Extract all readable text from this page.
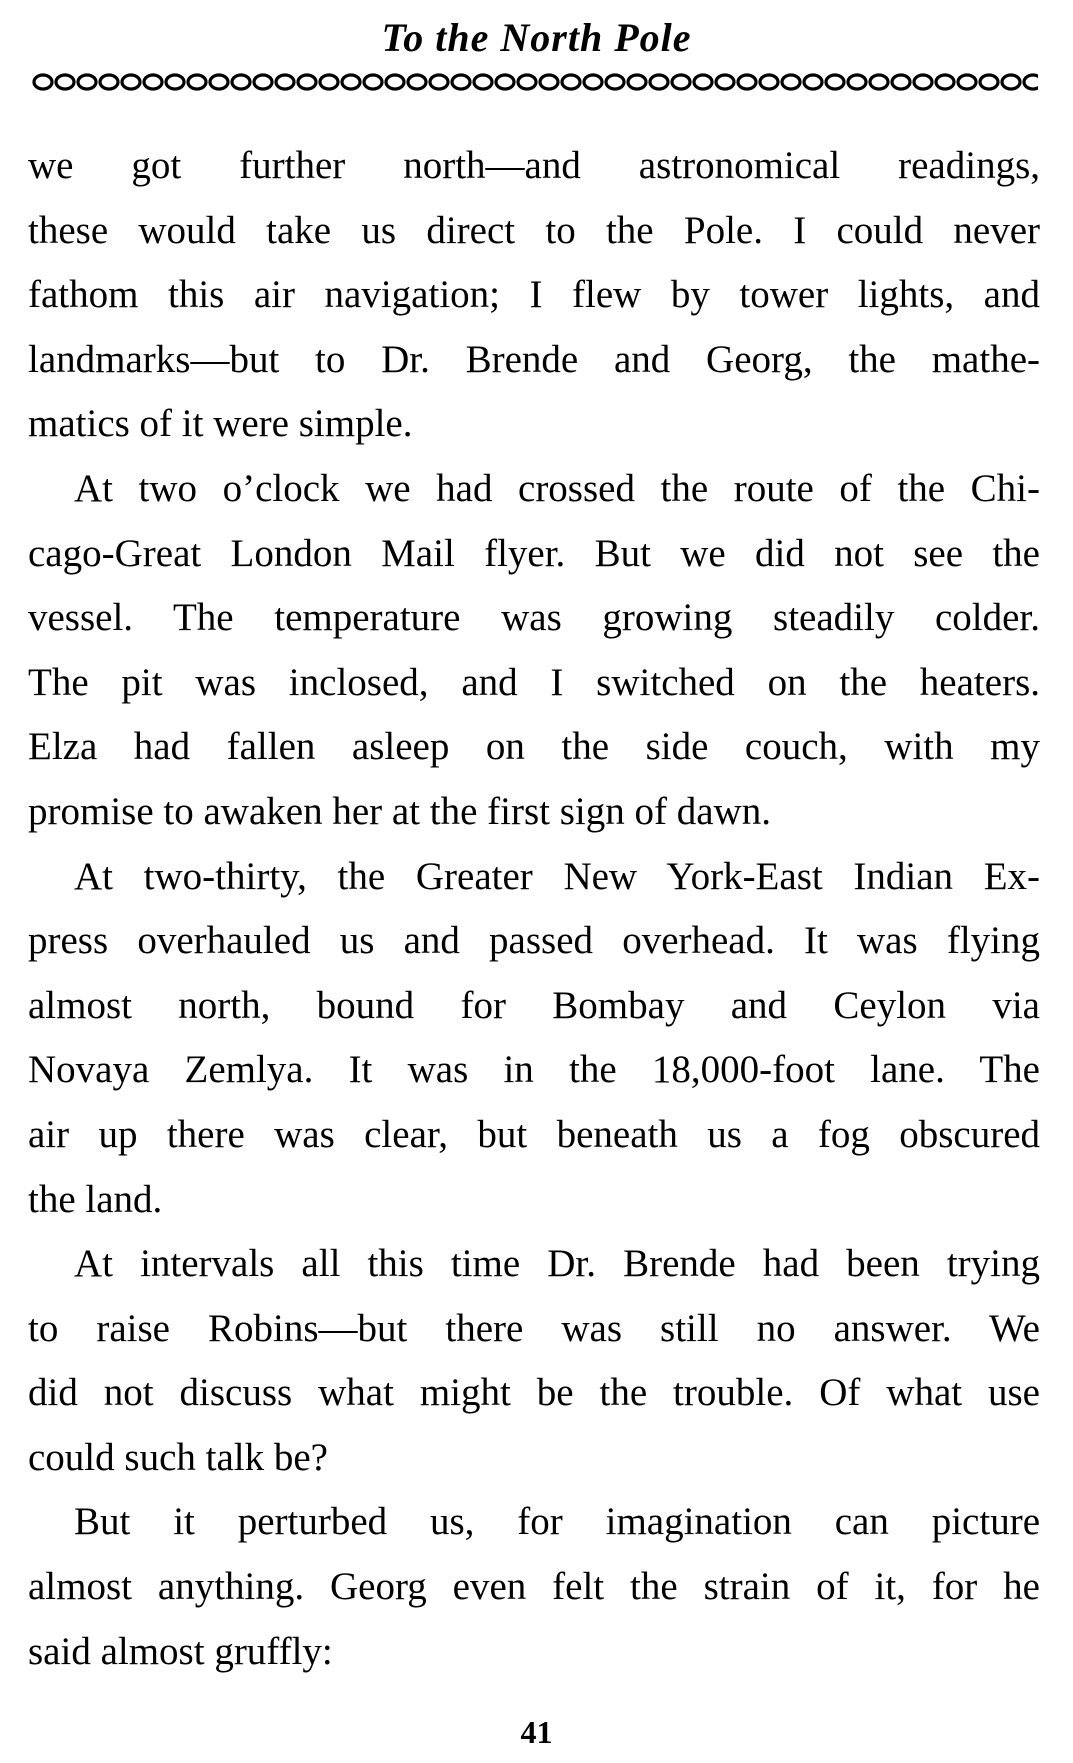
To the North Pole

we got further north—and astronomical readings,
these would take us direct to the Pole. I could never
fathom this air navigation; I flew by tower lights, and
landmarks—but to Dr. Brende and Georg, the mathe-
matics of it were simple.

At two o’clock we had crossed the route of the Chi-
cago-Great London Mail flyer. But we did not see the
vessel. The temperature was growing steadily colder.
The pit was inclosed, and I switched on the heaters.
Elza had fallen asleep on the side couch, with my
promise to awaken her at the first sign of dawn.

At two-thirty, the Greater New York-East Indian Ex-
press overhauled us and passed overhead. It was flying
almost north, bound for Bombay and Ceylon via
Novaya Zemlya. It was in the 18,000-foot lane. The
air up there was clear, but beneath us a fog obscured
the land.

At intervals all this time Dr. Brende had been trying
to raise Robins—but there was still no answer. We
did not discuss what might be the trouble. Of what use
could such talk be?

But it perturbed us, for imagination can picture
almost anything. Georg even felt the strain of it, for he
said almost gruffly:

41
